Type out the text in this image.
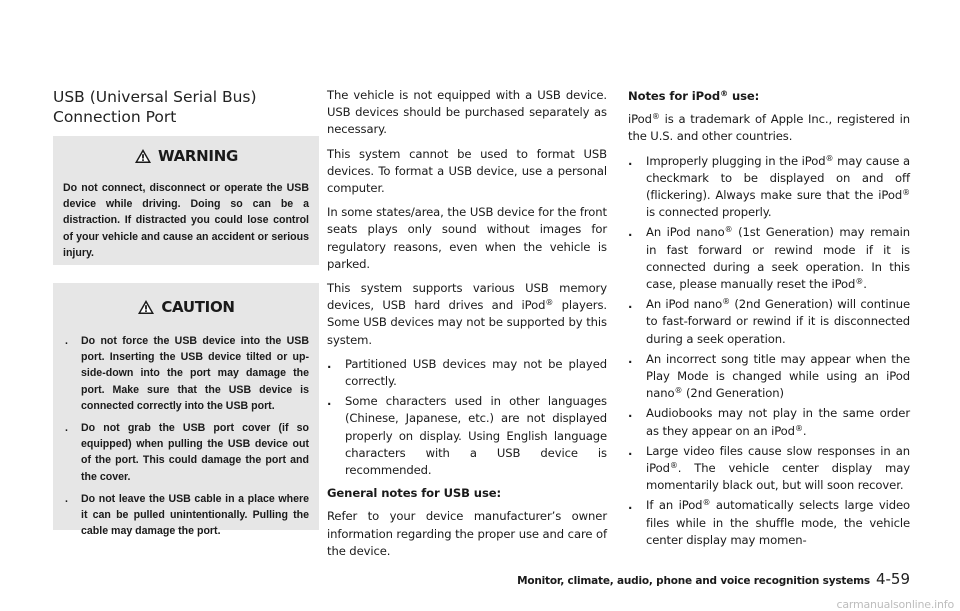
USB (Universal Serial Bus) Connection Port
WARNING
Do not connect, disconnect or operate the USB device while driving. Doing so can be a distraction. If distracted you could lose control of your vehicle and cause an accident or serious injury.
CAUTION
. Do not force the USB device into the USB port. Inserting the USB device tilted or up-side-down into the port may damage the port. Make sure that the USB device is connected correctly into the USB port.
. Do not grab the USB port cover (if so equipped) when pulling the USB device out of the port. This could damage the port and the cover.
. Do not leave the USB cable in a place where it can be pulled unintentionally. Pulling the cable may damage the port.

The vehicle is not equipped with a USB device. USB devices should be purchased separately as necessary.

This system cannot be used to format USB devices. To format a USB device, use a personal computer.

In some states/area, the USB device for the front seats plays only sound without images for regulatory reasons, even when the vehicle is parked.

This system supports various USB memory devices, USB hard drives and iPod® players. Some USB devices may not be supported by this system.

. Partitioned USB devices may not be played correctly.
. Some characters used in other languages (Chinese, Japanese, etc.) are not displayed properly on display. Using English language characters with a USB device is recommended.

General notes for USB use:

Refer to your device manufacturer’s owner information regarding the proper use and care of the device.

Notes for iPod® use:

iPod® is a trademark of Apple Inc., registered in the U.S. and other countries.

. Improperly plugging in the iPod® may cause a checkmark to be displayed on and off (flickering). Always make sure that the iPod® is connected properly.
. An iPod nano® (1st Generation) may remain in fast forward or rewind mode if it is connected during a seek operation. In this case, please manually reset the iPod®.
. An iPod nano® (2nd Generation) will continue to fast-forward or rewind if it is disconnected during a seek operation.
. An incorrect song title may appear when the Play Mode is changed while using an iPod nano® (2nd Generation)
. Audiobooks may not play in the same order as they appear on an iPod®.
. Large video files cause slow responses in an iPod®. The vehicle center display may momentarily black out, but will soon recover.
. If an iPod® automatically selects large video files while in the shuffle mode, the vehicle center display may momen-
Monitor, climate, audio, phone and voice recognition systems 4-59
carmanualsonline.info
